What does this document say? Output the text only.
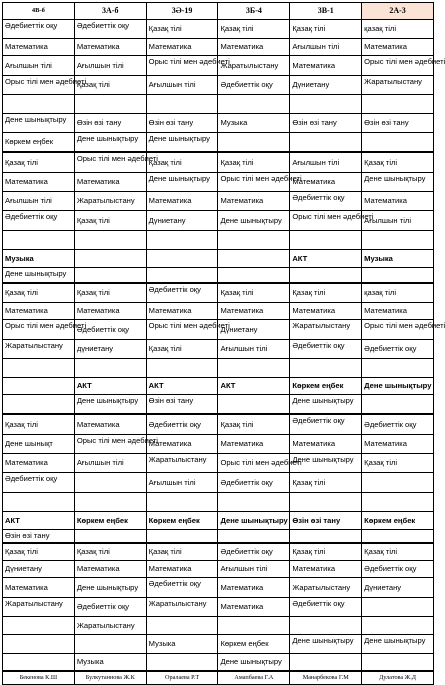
4В-б	3А-б	3Ә-19	3Б-4	3В-1	2А-3
Әдебиеттік оқу	Әдебиеттік оқу	Қазақ тілі	Қазақ тілі	Қазақ тілі	қазақ тілі
Математика	Математика	Математика	Математика	Ағылшын тілі	Математика
Ағылшын тілі	Ағылшын тілі	Орыс тілі мен әдебиеті	Жаратылыстану	Математика	Орыс тілі мен әдебиеті
Орыс тілі мен әдебиеті	Қазақ тілі	Ағылшын тілі	Әдебиеттік оқу	Дүниетану	Жаратылыстану

Дене шынықтыру	Өзін өзі тану	Өзін өзі тану	Музыка	Өзін өзі тану	Өзін өзі тану
Көркем еңбек	Дене шынықтыру	Дене шынықтыру			
Қазақ тілі	Орыс тілі мен әдебиеті	Қазақ тілі	Қазақ тілі	Ағылшын тілі	Қазақ тілі
Математика	Математика	Дене шынықтыру	Орыс тілі мен әдебиеті	Математика	Дене шынықтыру
Ағылшын тілі	Жаратылыстану	Математика	Математика	Әдебиеттік оқу	Математика
Әдебиеттік оқу	Қазақ тілі	Дүниетану	Дене шынықтыру	Орыс тілі мен әдебиеті	Ағылшын тілі

Музыка				АКТ	Музыка
Дене шынықтыру					
Қазақ тілі	Қазақ тілі	Әдебиеттік оқу	Қазақ тілі	Қазақ тілі	қазақ тілі
Математика	Математика	Математика	Математика	Математика	Математика
Орыс тілі мен әдебиеті	Әдебиеттік оқу	Орыс тілі мен әдебиеті	Дүниетану	Жаратылыстану	Орыс тілі мен әдебиеті
Жаратылыстану	дүниетану	Қазақ тілі	Ағылшын тілі	Әдебиеттік оқу	Әдебиеттік оқу

	АКТ	АКТ	АКТ	Көркем еңбек	Дене шынықтыру
	Дене шынықтыру	Өзін өзі тану		Дене шынықтыру	
Қазақ тілі	Математика	Әдебиеттік оқу	Қазақ тілі	Әдебиеттік оқу	Әдебиеттік оқу
Дене шынықт	Орыс тілі мен әдебиеті	Математика	Математика	Математика	Математика
Математика	Ағылшын тілі	Жаратылыстану	Орыс тілі мен әдебиеті	Дене шынықтыру	Қазақ тілі
Әдебиеттік оқу		Ағылшын тілі	Әдебиеттік оқу	Қазақ тілі	

АКТ	Көркем еңбек	Көркем еңбек	Дене шынықтыру	Өзін өзі тану	Көркем еңбек
Өзін өзі тану					
Қазақ тілі	Қазақ тілі	Қазақ тілі	Әдебиеттік оқу	Қазақ тілі	Қазақ тілі
Дүниетану	Математика	Математика	Ағылшын тілі	Математика	Әдебиеттік оқу
Математика	Дене шынықтыру	Әдебиеттік оқу	Математика	Жаратылыстану	Дүниетану
Жаратылыстану	Әдебиеттік оқу	Жаратылыстану	Математика	Әдебиеттік оқу	
	Жаратылыстану				
		Музыка	Көркем еңбек	Дене шынықтыру	Дене шынықтыру
	Музыка		Дене шынықтыру		
Бекенова К.Ш	Булкутаннова Ж.К	Оралаева Р.Т	Амапбаева Г.А	Манарбекова Г.М	Дулатова Ж.Д
